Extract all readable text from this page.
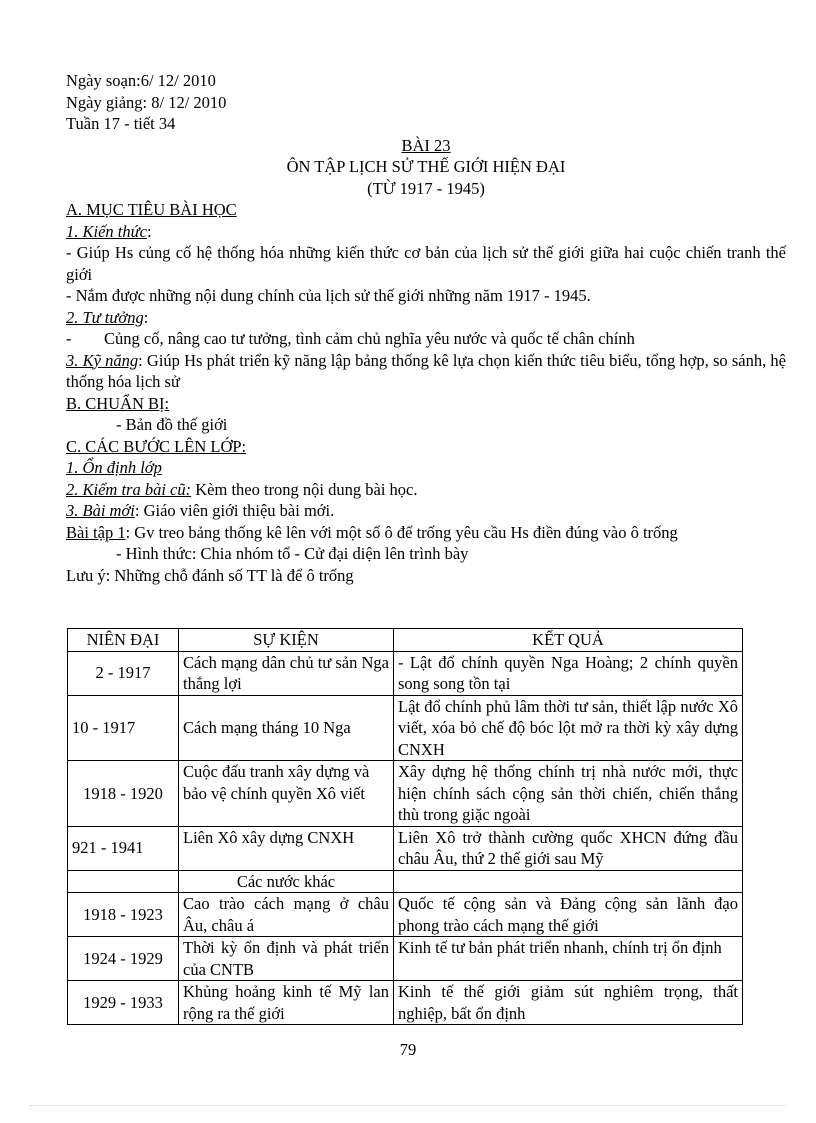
Ngày soạn:6/ 12/ 2010
Ngày giảng: 8/ 12/ 2010
Tuần 17 - tiết 34
BÀI 23
ÔN TẬP LỊCH SỬ THẾ GIỚI HIỆN ĐẠI
(TỪ 1917 - 1945)
A. MỤC TIÊU BÀI HỌC
1. Kiến thức:
- Giúp Hs củng cố hệ thống hóa những kiến thức cơ bản của lịch sử thế giới giữa hai cuộc chiến tranh thế giới
- Nắm được những nội dung chính của lịch sử thế giới những năm 1917 - 1945.
2. Tư tưởng:
-	Củng cố, nâng cao tư tưởng, tình cảm chủ nghĩa yêu nước và quốc tế chân chính
3. Kỹ năng: Giúp Hs phát triển kỹ năng lập bảng thống kê lựa chọn kiến thức tiêu biểu, tổng hợp, so sánh, hệ thống hóa lịch sử
B. CHUẨN BỊ:
- Bản đồ thế giới
C. CÁC BƯỚC LÊN LỚP:
1. Ổn định lớp
2. Kiểm tra bài cũ: Kèm theo trong nội dung bài học.
3. Bài mới: Giáo viên giới thiệu bài mới.
Bài tập 1: Gv treo bảng thống kê lên với một số ô để trống yêu cầu Hs điền đúng vào ô trống
- Hình thức: Chia nhóm tổ - Cử đại diện lên trình bày
Lưu ý: Những chỗ đánh số TT là để ô trống
NIÊN ĐẠI	SỰ KIỆN	KẾT QUẢ
2 - 1917	Cách mạng dân chủ tư sản Nga thắng lợi	- Lật đổ chính quyền Nga Hoàng; 2 chính quyền song song tồn tại
10 - 1917	Cách mạng tháng 10 Nga	Lật đổ chính phủ lâm thời tư sản, thiết lập nước Xô viết, xóa bỏ chế độ bóc lột mở ra thời kỳ xây dựng CNXH
1918 - 1920	Cuộc đấu tranh xây dựng và bảo vệ chính quyền Xô viết	Xây dựng hệ thống chính trị nhà nước mới, thực hiện chính sách cộng sản thời chiến, chiến thắng thù trong giặc ngoài
921 - 1941	Liên Xô xây dựng CNXH	Liên Xô trở thành cường quốc XHCN đứng đầu châu Âu, thứ 2 thế giới sau Mỹ
	Các nước khác	
1918 - 1923	Cao trào cách mạng ở châu Âu, châu á	Quốc tế cộng sản và Đảng cộng sản lãnh đạo phong trào cách mạng thế giới
1924 - 1929	Thời kỳ ổn định và phát triển của CNTB	Kinh tế tư bản phát triển nhanh, chính trị ổn định
1929 - 1933	Khủng hoảng kinh tế Mỹ lan rộng ra thế giới	Kinh tế thế giới giảm sút nghiêm trọng, thất nghiệp, bất ổn định
79
